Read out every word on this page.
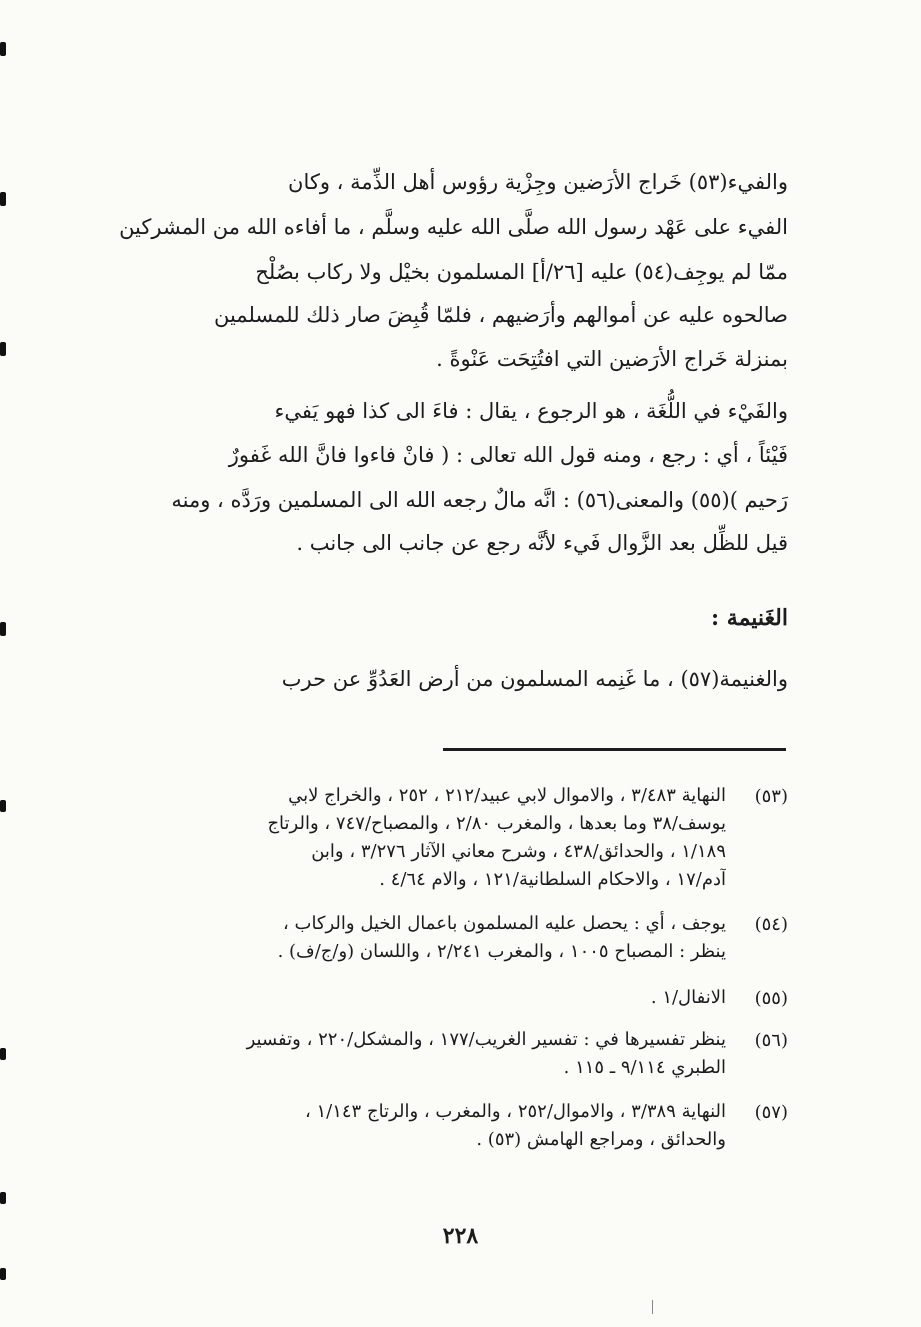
والفيء(٥٣) خَراج الأرَضين وجِزْية رؤوس أهل الذِّمة ، وكان
الفيء على عَهْد رسول الله صلَّى الله عليه وسلَّم ، ما أفاءه الله من المشركين
ممّا لم يوجِف(٥٤) عليه [٢٦/أ] المسلمون بخيْل ولا ركاب بصُلْح
صالحوه عليه عن أموالهم وأرَضيهم ، فلمّا قُبِضَ صار ذلك للمسلمين
بمنزلة خَراج الأرَضين التي افتُتِحَت عَنْوةً .
والفَيْء في اللُّغَة ، هو الرجوع ، يقال : فاءَ الى كذا فهو يَفيء
فَيْئاً ، أي : رجع ، ومنه قول الله تعالى : ( فانْ فاءوا فانَّ الله غَفورٌ
رَحيم )(٥٥) والمعنى(٥٦) : انَّه مالٌ رجعه الله الى المسلمين ورَدَّه ، ومنه
قيل للظِّل بعد الزَّوال فَيء لأنَّه رجع عن جانب الى جانب .
الغَنيمة :
والغنيمة(٥٧) ، ما غَنِمه المسلمون من أرض العَدُوِّ عن حرب
(٥٣)
النهاية ٣/٤٨٣ ، والاموال لابي عبيد/٢١٢ ، ٢٥٢ ، والخراج لابي
يوسف/٣٨ وما بعدها ، والمغرب ٢/٨٠ ، والمصباح/٧٤٧ ، والرتاج
١/١٨٩ ، والحدائق/٤٣٨ ، وشرح معاني الآثار ٣/٢٧٦ ، وابن
آدم/١٧ ، والاحكام السلطانية/١٢١ ، والام ٤/٦٤ .
(٥٤)
يوجف ، أي : يحصل عليه المسلمون باعمال الخيل والركاب ،
ينظر : المصباح ١٠٠٥ ، والمغرب ٢/٢٤١ ، واللسان (و/ج/ف) .
(٥٥)
الانفال/١ .
(٥٦)
ينظر تفسيرها في : تفسير الغريب/١٧٧ ، والمشكل/٢٢٠ ، وتفسير
الطبري ٩/١١٤ ـ ١١٥ .
(٥٧)
النهاية ٣/٣٨٩ ، والاموال/٢٥٢ ، والمغرب ، والرتاج ١/١٤٣ ،
والحدائق ، ومراجع الهامش (٥٣) .
٢٢٨
